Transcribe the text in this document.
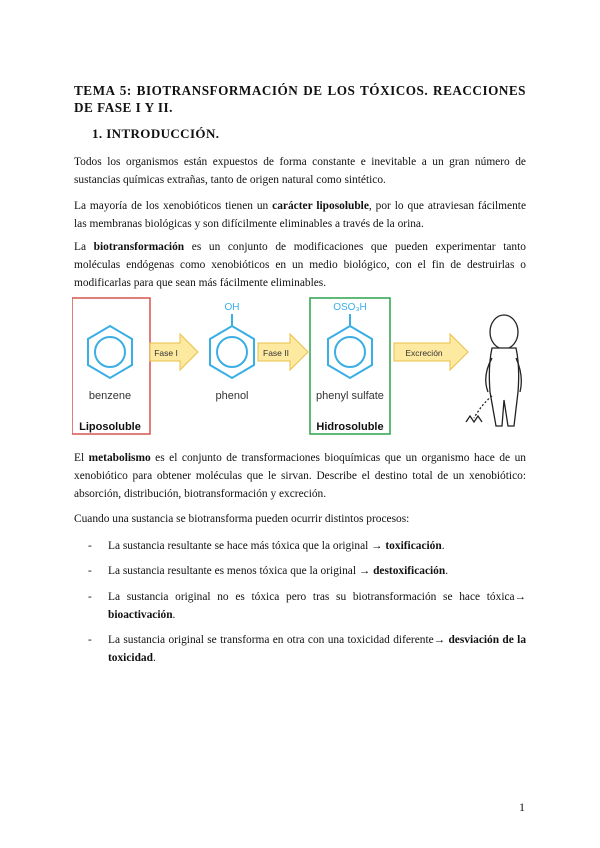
TEMA 5: BIOTRANSFORMACIÓN DE LOS TÓXICOS. REACCIONES DE FASE I Y II.
1. INTRODUCCIÓN.
Todos los organismos están expuestos de forma constante e inevitable a un gran número de sustancias químicas extrañas, tanto de origen natural como sintético.
La mayoría de los xenobióticos tienen un carácter liposoluble, por lo que atraviesan fácilmente las membranas biológicas y son difícilmente eliminables a través de la orina.
La biotransformación es un conjunto de modificaciones que pueden experimentar tanto moléculas endógenas como xenobióticos en un medio biológico, con el fin de destruirlas o modificarlas para que sean más fácilmente eliminables.
benzene
Liposoluble
Fase I
OH
phenol
Fase II
OSO₃H
phenyl sulfate
Hidrosoluble
Excreción
El metabolismo es el conjunto de transformaciones bioquímicas que un organismo hace de un xenobiótico para obtener moléculas que le sirvan. Describe el destino total de un xenobiótico: absorción, distribución, biotransformación y excreción.
Cuando una sustancia se biotransforma pueden ocurrir distintos procesos:
- La sustancia resultante se hace más tóxica que la original → toxificación.
- La sustancia resultante es menos tóxica que la original → destoxificación.
- La sustancia original no es tóxica pero tras su biotransformación se hace tóxica→ bioactivación.
- La sustancia original se transforma en otra con una toxicidad diferente→ desviación de la toxicidad.
1
